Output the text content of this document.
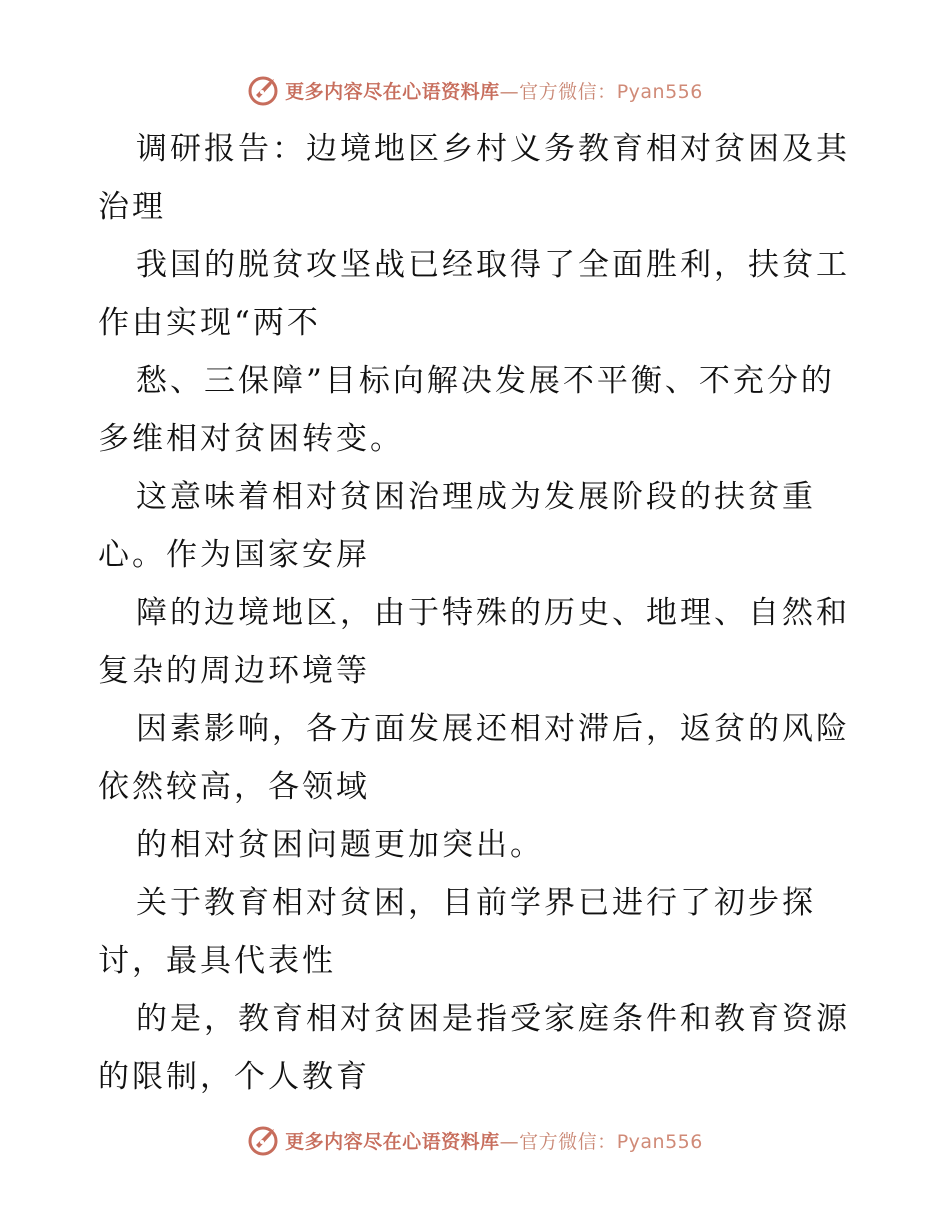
更多内容尽在心语资料库—官方微信：Pyan556
调研报告：边境地区乡村义务教育相对贫困及其
治理
我国的脱贫攻坚战已经取得了全面胜利，扶贫工
作由实现“两不
愁、三保障”目标向解决发展不平衡、不充分的
多维相对贫困转变。
这意味着相对贫困治理成为发展阶段的扶贫重
心。作为国家安屏
障的边境地区，由于特殊的历史、地理、自然和
复杂的周边环境等
因素影响，各方面发展还相对滞后，返贫的风险
依然较高，各领域
的相对贫困问题更加突出。
关于教育相对贫困，目前学界已进行了初步探
讨，最具代表性
的是，教育相对贫困是指受家庭条件和教育资源
的限制，个人教育
更多内容尽在心语资料库—官方微信：Pyan556
